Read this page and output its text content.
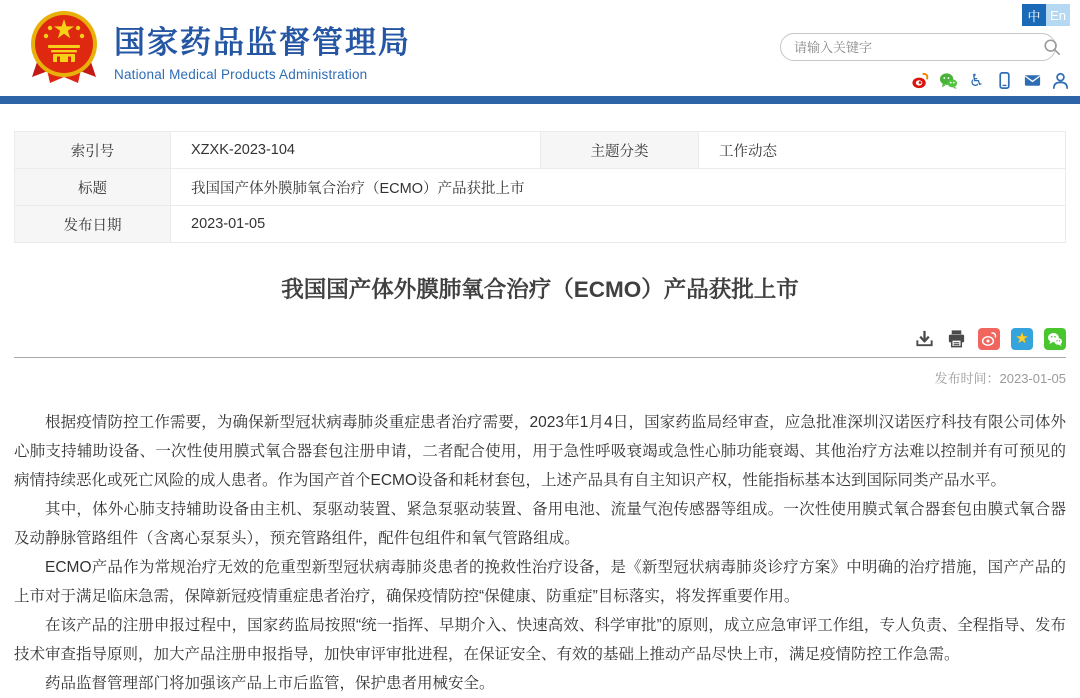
国家药品监督管理局
National Medical Products Administration
中 En
请输入关键字
♿
索引号	XZXK-2023-104	主题分类	工作动态
标题	我国国产体外膜肺氧合治疗（ECMO）产品获批上市		
发布日期	2023-01-05		
我国国产体外膜肺氧合治疗（ECMO）产品获批上市
★
发布时间：2023-01-05

根据疫情防控工作需要，为确保新型冠状病毒肺炎重症患者治疗需要，2023年1月4日，国家药监局经审查，应急批准深圳汉诺医疗科技有限公司体外心肺支持辅助设备、一次性使用膜式氧合器套包注册申请，二者配合使用，用于急性呼吸衰竭或急性心肺功能衰竭、其他治疗方法难以控制并有可预见的病情持续恶化或死亡风险的成人患者。作为国产首个ECMO设备和耗材套包，上述产品具有自主知识产权，性能指标基本达到国际同类产品水平。

其中，体外心肺支持辅助设备由主机、泵驱动装置、紧急泵驱动装置、备用电池、流量气泡传感器等组成。一次性使用膜式氧合器套包由膜式氧合器及动静脉管路组件（含离心泵泵头），预充管路组件，配件包组件和氧气管路组成。

ECMO产品作为常规治疗无效的危重型新型冠状病毒肺炎患者的挽救性治疗设备，是《新型冠状病毒肺炎诊疗方案》中明确的治疗措施，国产产品的上市对于满足临床急需，保障新冠疫情重症患者治疗，确保疫情防控“保健康、防重症”目标落实，将发挥重要作用。

在该产品的注册申报过程中，国家药监局按照“统一指挥、早期介入、快速高效、科学审批”的原则，成立应急审评工作组，专人负责、全程指导、发布技术审查指导原则，加大产品注册申报指导，加快审评审批进程，在保证安全、有效的基础上推动产品尽快上市，满足疫情防控工作急需。

药品监督管理部门将加强该产品上市后监管，保护患者用械安全。
